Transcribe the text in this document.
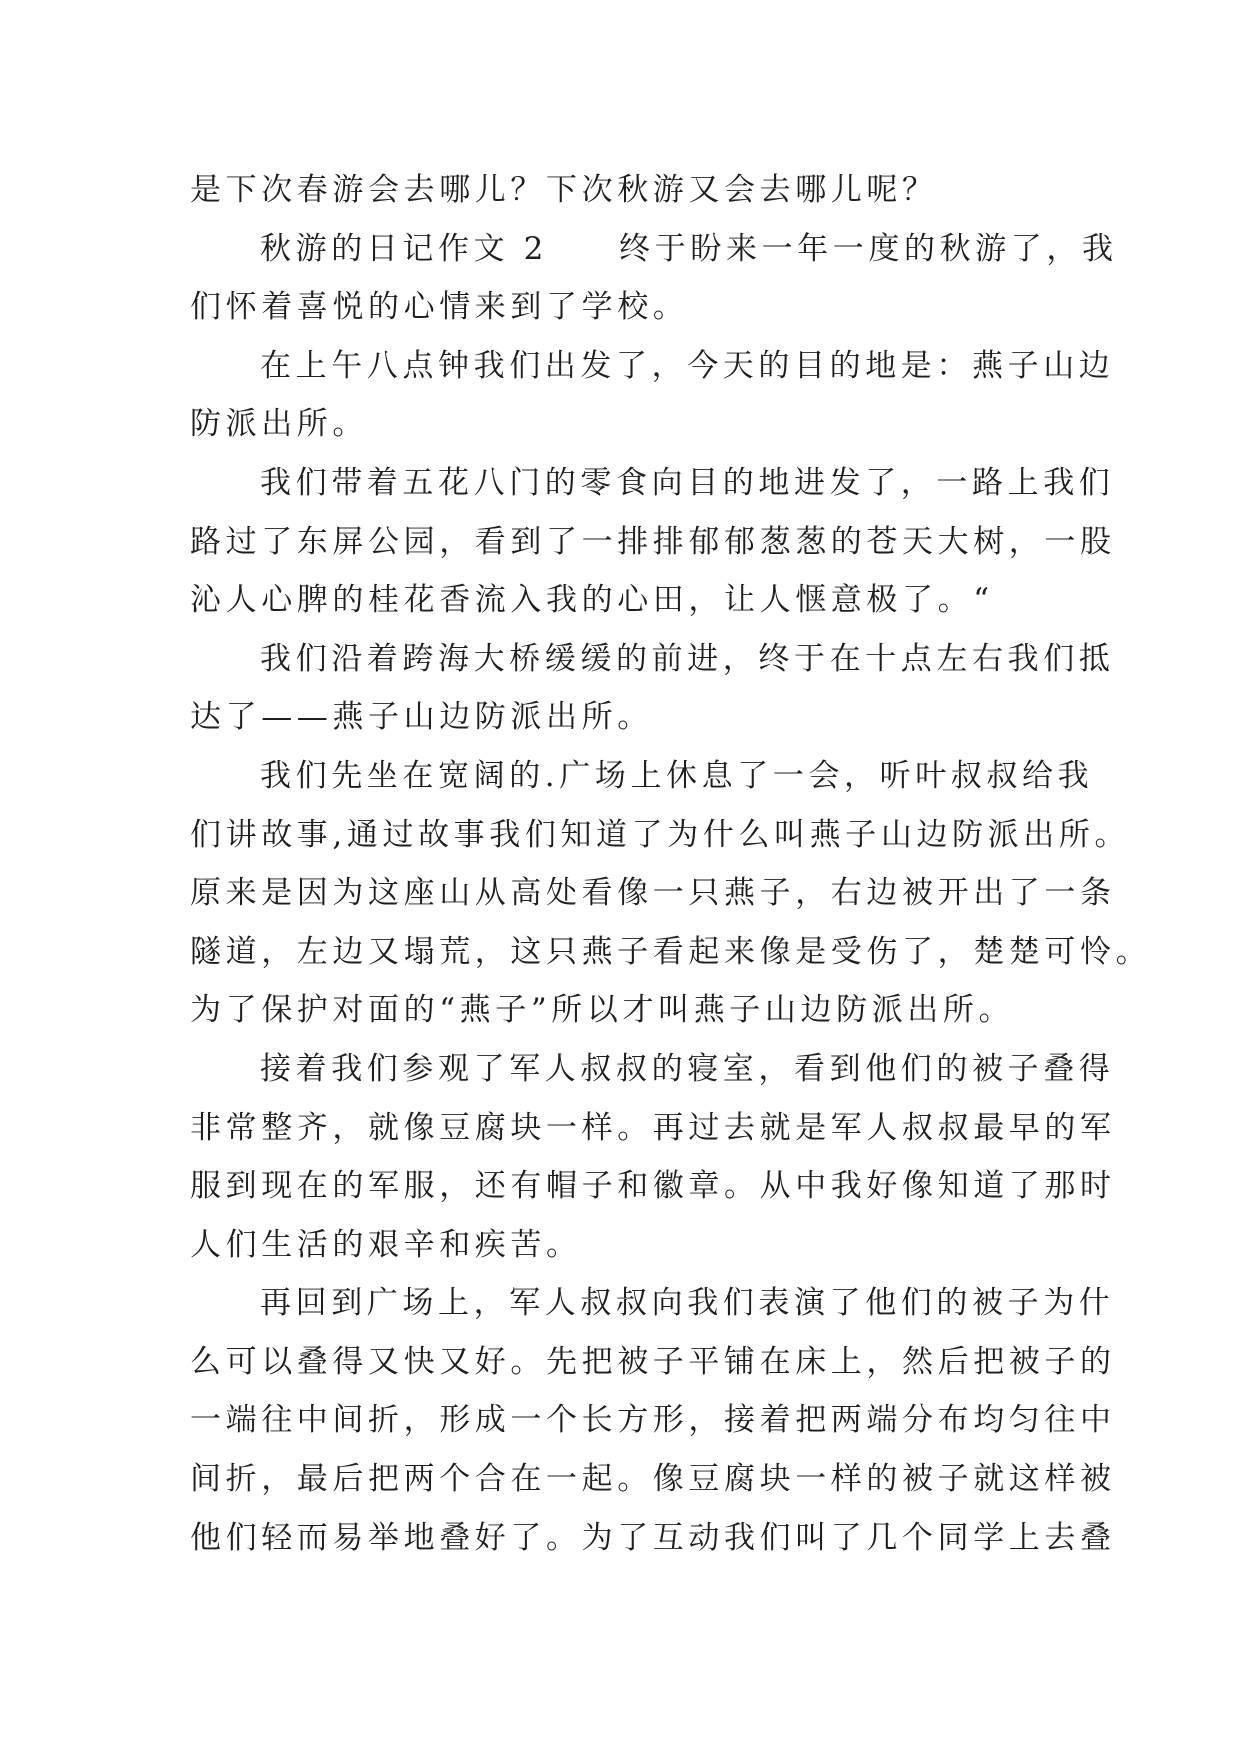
是下次春游会去哪儿？下次秋游又会去哪儿呢？
秋游的日记作文 2　　终于盼来一年一度的秋游了，我
们怀着喜悦的心情来到了学校。
在上午八点钟我们出发了，今天的目的地是：燕子山边
防派出所。
我们带着五花八门的零食向目的地进发了，一路上我们
路过了东屏公园，看到了一排排郁郁葱葱的苍天大树，一股
沁人心脾的桂花香流入我的心田，让人惬意极了。“
我们沿着跨海大桥缓缓的前进，终于在十点左右我们抵
达了——燕子山边防派出所。
我们先坐在宽阔的.广场上休息了一会，听叶叔叔给我
们讲故事,通过故事我们知道了为什么叫燕子山边防派出所。
原来是因为这座山从高处看像一只燕子，右边被开出了一条
隧道，左边又塌荒，这只燕子看起来像是受伤了，楚楚可怜。
为了保护对面的“燕子”所以才叫燕子山边防派出所。
接着我们参观了军人叔叔的寝室，看到他们的被子叠得
非常整齐，就像豆腐块一样。再过去就是军人叔叔最早的军
服到现在的军服，还有帽子和徽章。从中我好像知道了那时
人们生活的艰辛和疾苦。
再回到广场上，军人叔叔向我们表演了他们的被子为什
么可以叠得又快又好。先把被子平铺在床上，然后把被子的
一端往中间折，形成一个长方形，接着把两端分布均匀往中
间折，最后把两个合在一起。像豆腐块一样的被子就这样被
他们轻而易举地叠好了。为了互动我们叫了几个同学上去叠
